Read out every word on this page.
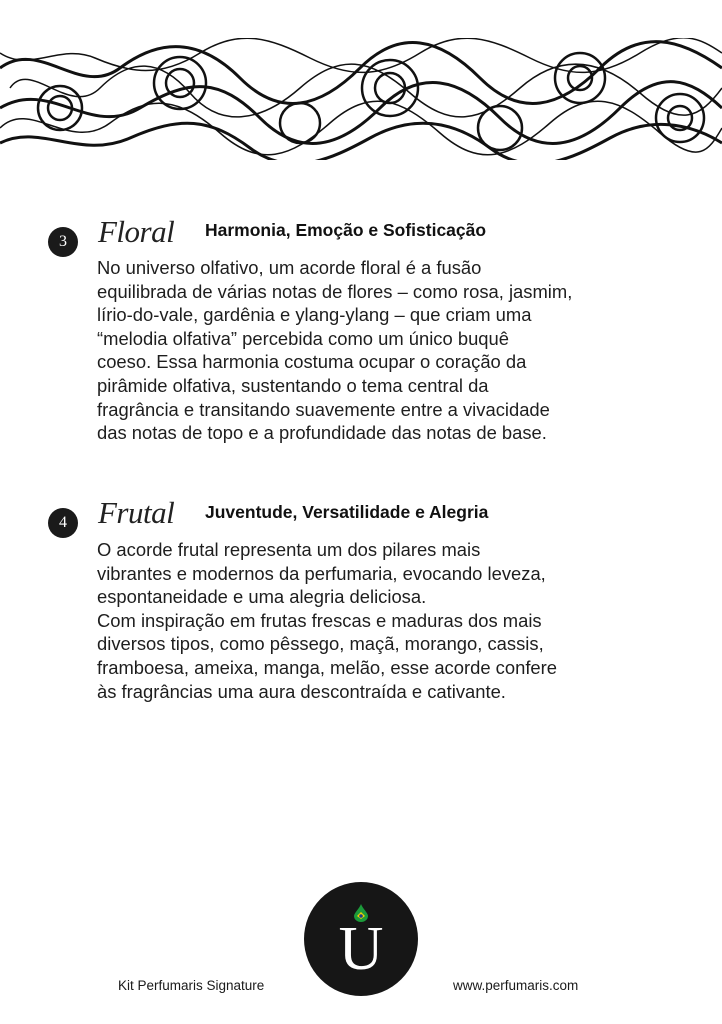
3	Floral Harmonia, Emoção e Sofisticação
No universo olfativo, um acorde floral é a fusão
equilibrada de várias notas de flores – como rosa, jasmim,
lírio-do-vale, gardênia e ylang-ylang – que criam uma
“melodia olfativa” percebida como um único buquê
coeso. Essa harmonia costuma ocupar o coração da
pirâmide olfativa, sustentando o tema central da
fragrância e transitando suavemente entre a vivacidade
das notas de topo e a profundidade das notas de base.
4	Frutal Juventude, Versatilidade e Alegria
O acorde frutal representa um dos pilares mais
vibrantes e modernos da perfumaria, evocando leveza,
espontaneidade e uma alegria deliciosa.
Com inspiração em frutas frescas e maduras dos mais
diversos tipos, como pêssego, maçã, morango, cassis,
framboesa, ameixa, manga, melão, esse acorde confere
às fragrâncias uma aura descontraída e cativante.
Kit Perfumaris Signature
U
www.perfumaris.com
